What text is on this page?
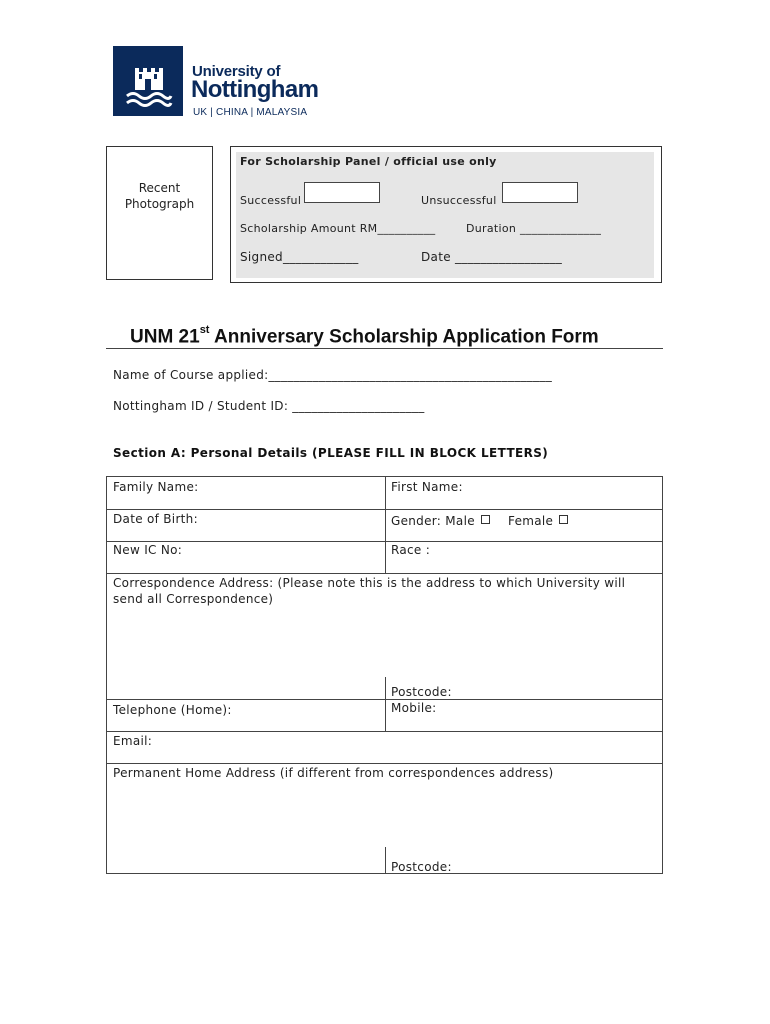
University of
Nottingham
UK | CHINA | MALAYSIA
Recent
Photograph
For Scholarship Panel / official use only
Successful	Unsuccessful
Scholarship Amount RM__________	Duration ______________
Signed____________	Date _________________
UNM 21st Anniversary Scholarship Application Form
Name of Course applied:_____________________________________________
Nottingham ID / Student ID: _____________________
Section A: Personal Details (PLEASE FILL IN BLOCK LETTERS)
Family Name:	First Name:
Date of Birth:	Gender: Male	Female
New IC No:	Race :
Correspondence Address: (Please note this is the address to which University will
send all Correspondence)
Postcode:
Telephone (Home):	Mobile:
Email:
Permanent Home Address (if different from correspondences address)
Postcode:
